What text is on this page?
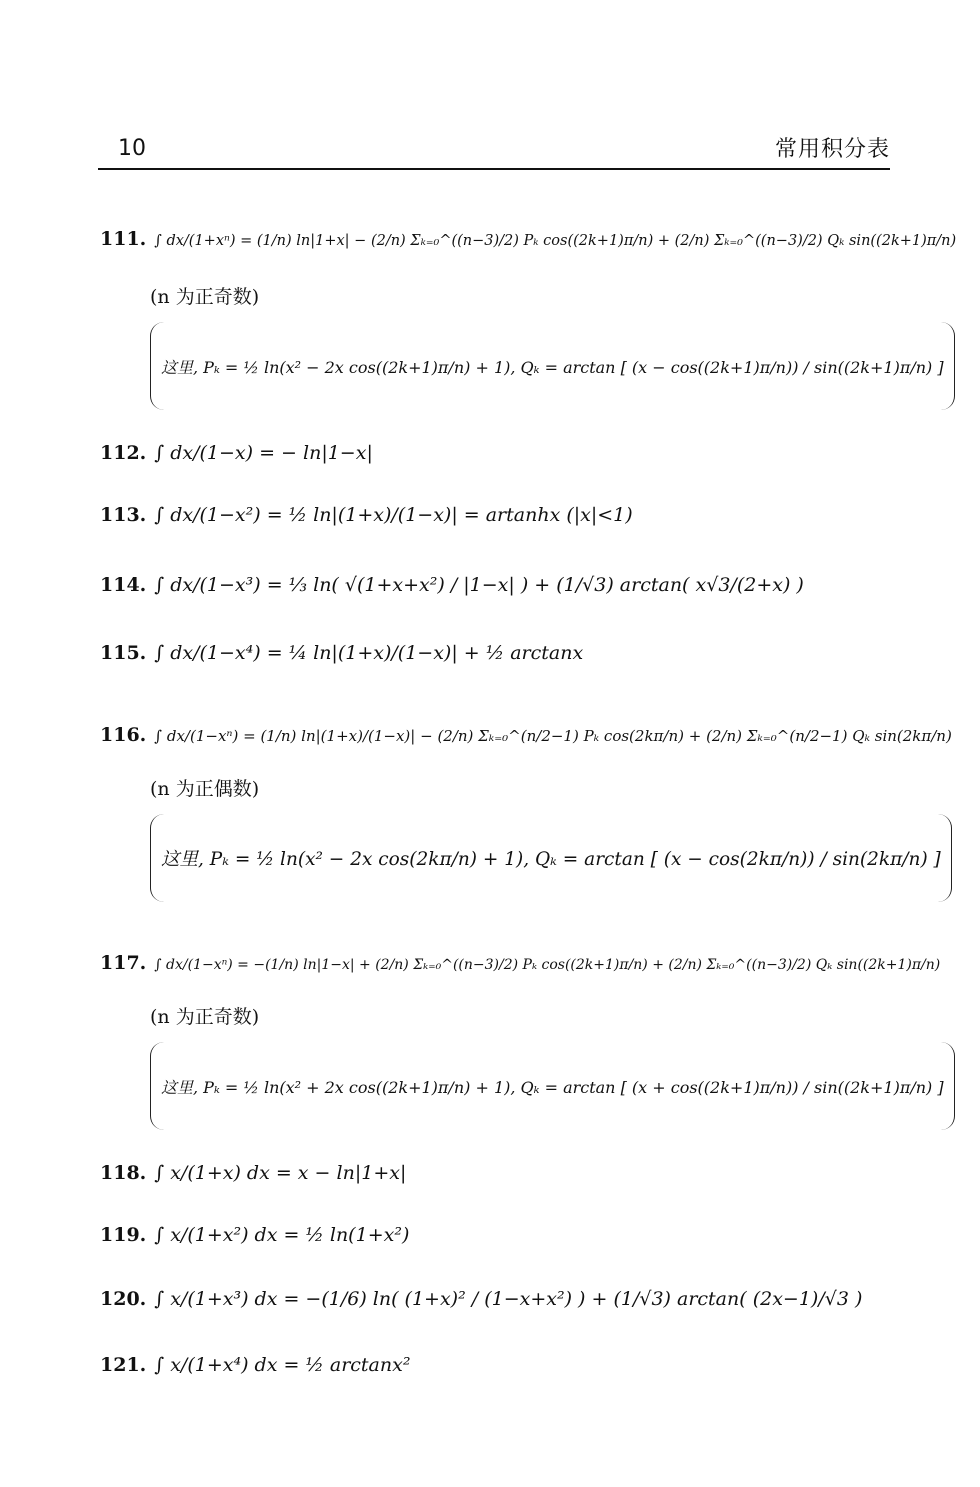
10	常用积分表
111. ∫ dx/(1+xⁿ) = (1/n) ln|1+x| − (2/n) Σₖ₌₀^((n−3)/2) Pₖ cos((2k+1)π/n) + (2/n) Σₖ₌₀^((n−3)/2) Qₖ sin((2k+1)π/n)
(n 为正奇数)
这里, Pₖ = ½ ln(x² − 2x cos((2k+1)π/n) + 1), Qₖ = arctan [ (x − cos((2k+1)π/n)) / sin((2k+1)π/n) ]
112. ∫ dx/(1−x) = − ln|1−x|
113. ∫ dx/(1−x²) = ½ ln|(1+x)/(1−x)| = artanhx (|x|<1)
114. ∫ dx/(1−x³) = ⅓ ln( √(1+x+x²) / |1−x| ) + (1/√3) arctan( x√3/(2+x) )
115. ∫ dx/(1−x⁴) = ¼ ln|(1+x)/(1−x)| + ½ arctanx
116. ∫ dx/(1−xⁿ) = (1/n) ln|(1+x)/(1−x)| − (2/n) Σₖ₌₀^(n/2−1) Pₖ cos(2kπ/n) + (2/n) Σₖ₌₀^(n/2−1) Qₖ sin(2kπ/n)
(n 为正偶数)
这里, Pₖ = ½ ln(x² − 2x cos(2kπ/n) + 1), Qₖ = arctan [ (x − cos(2kπ/n)) / sin(2kπ/n) ]
117. ∫ dx/(1−xⁿ) = −(1/n) ln|1−x| + (2/n) Σₖ₌₀^((n−3)/2) Pₖ cos((2k+1)π/n) + (2/n) Σₖ₌₀^((n−3)/2) Qₖ sin((2k+1)π/n)
(n 为正奇数)
这里, Pₖ = ½ ln(x² + 2x cos((2k+1)π/n) + 1), Qₖ = arctan [ (x + cos((2k+1)π/n)) / sin((2k+1)π/n) ]
118. ∫ x/(1+x) dx = x − ln|1+x|
119. ∫ x/(1+x²) dx = ½ ln(1+x²)
120. ∫ x/(1+x³) dx = −(1/6) ln( (1+x)² / (1−x+x²) ) + (1/√3) arctan( (2x−1)/√3 )
121. ∫ x/(1+x⁴) dx = ½ arctanx²
